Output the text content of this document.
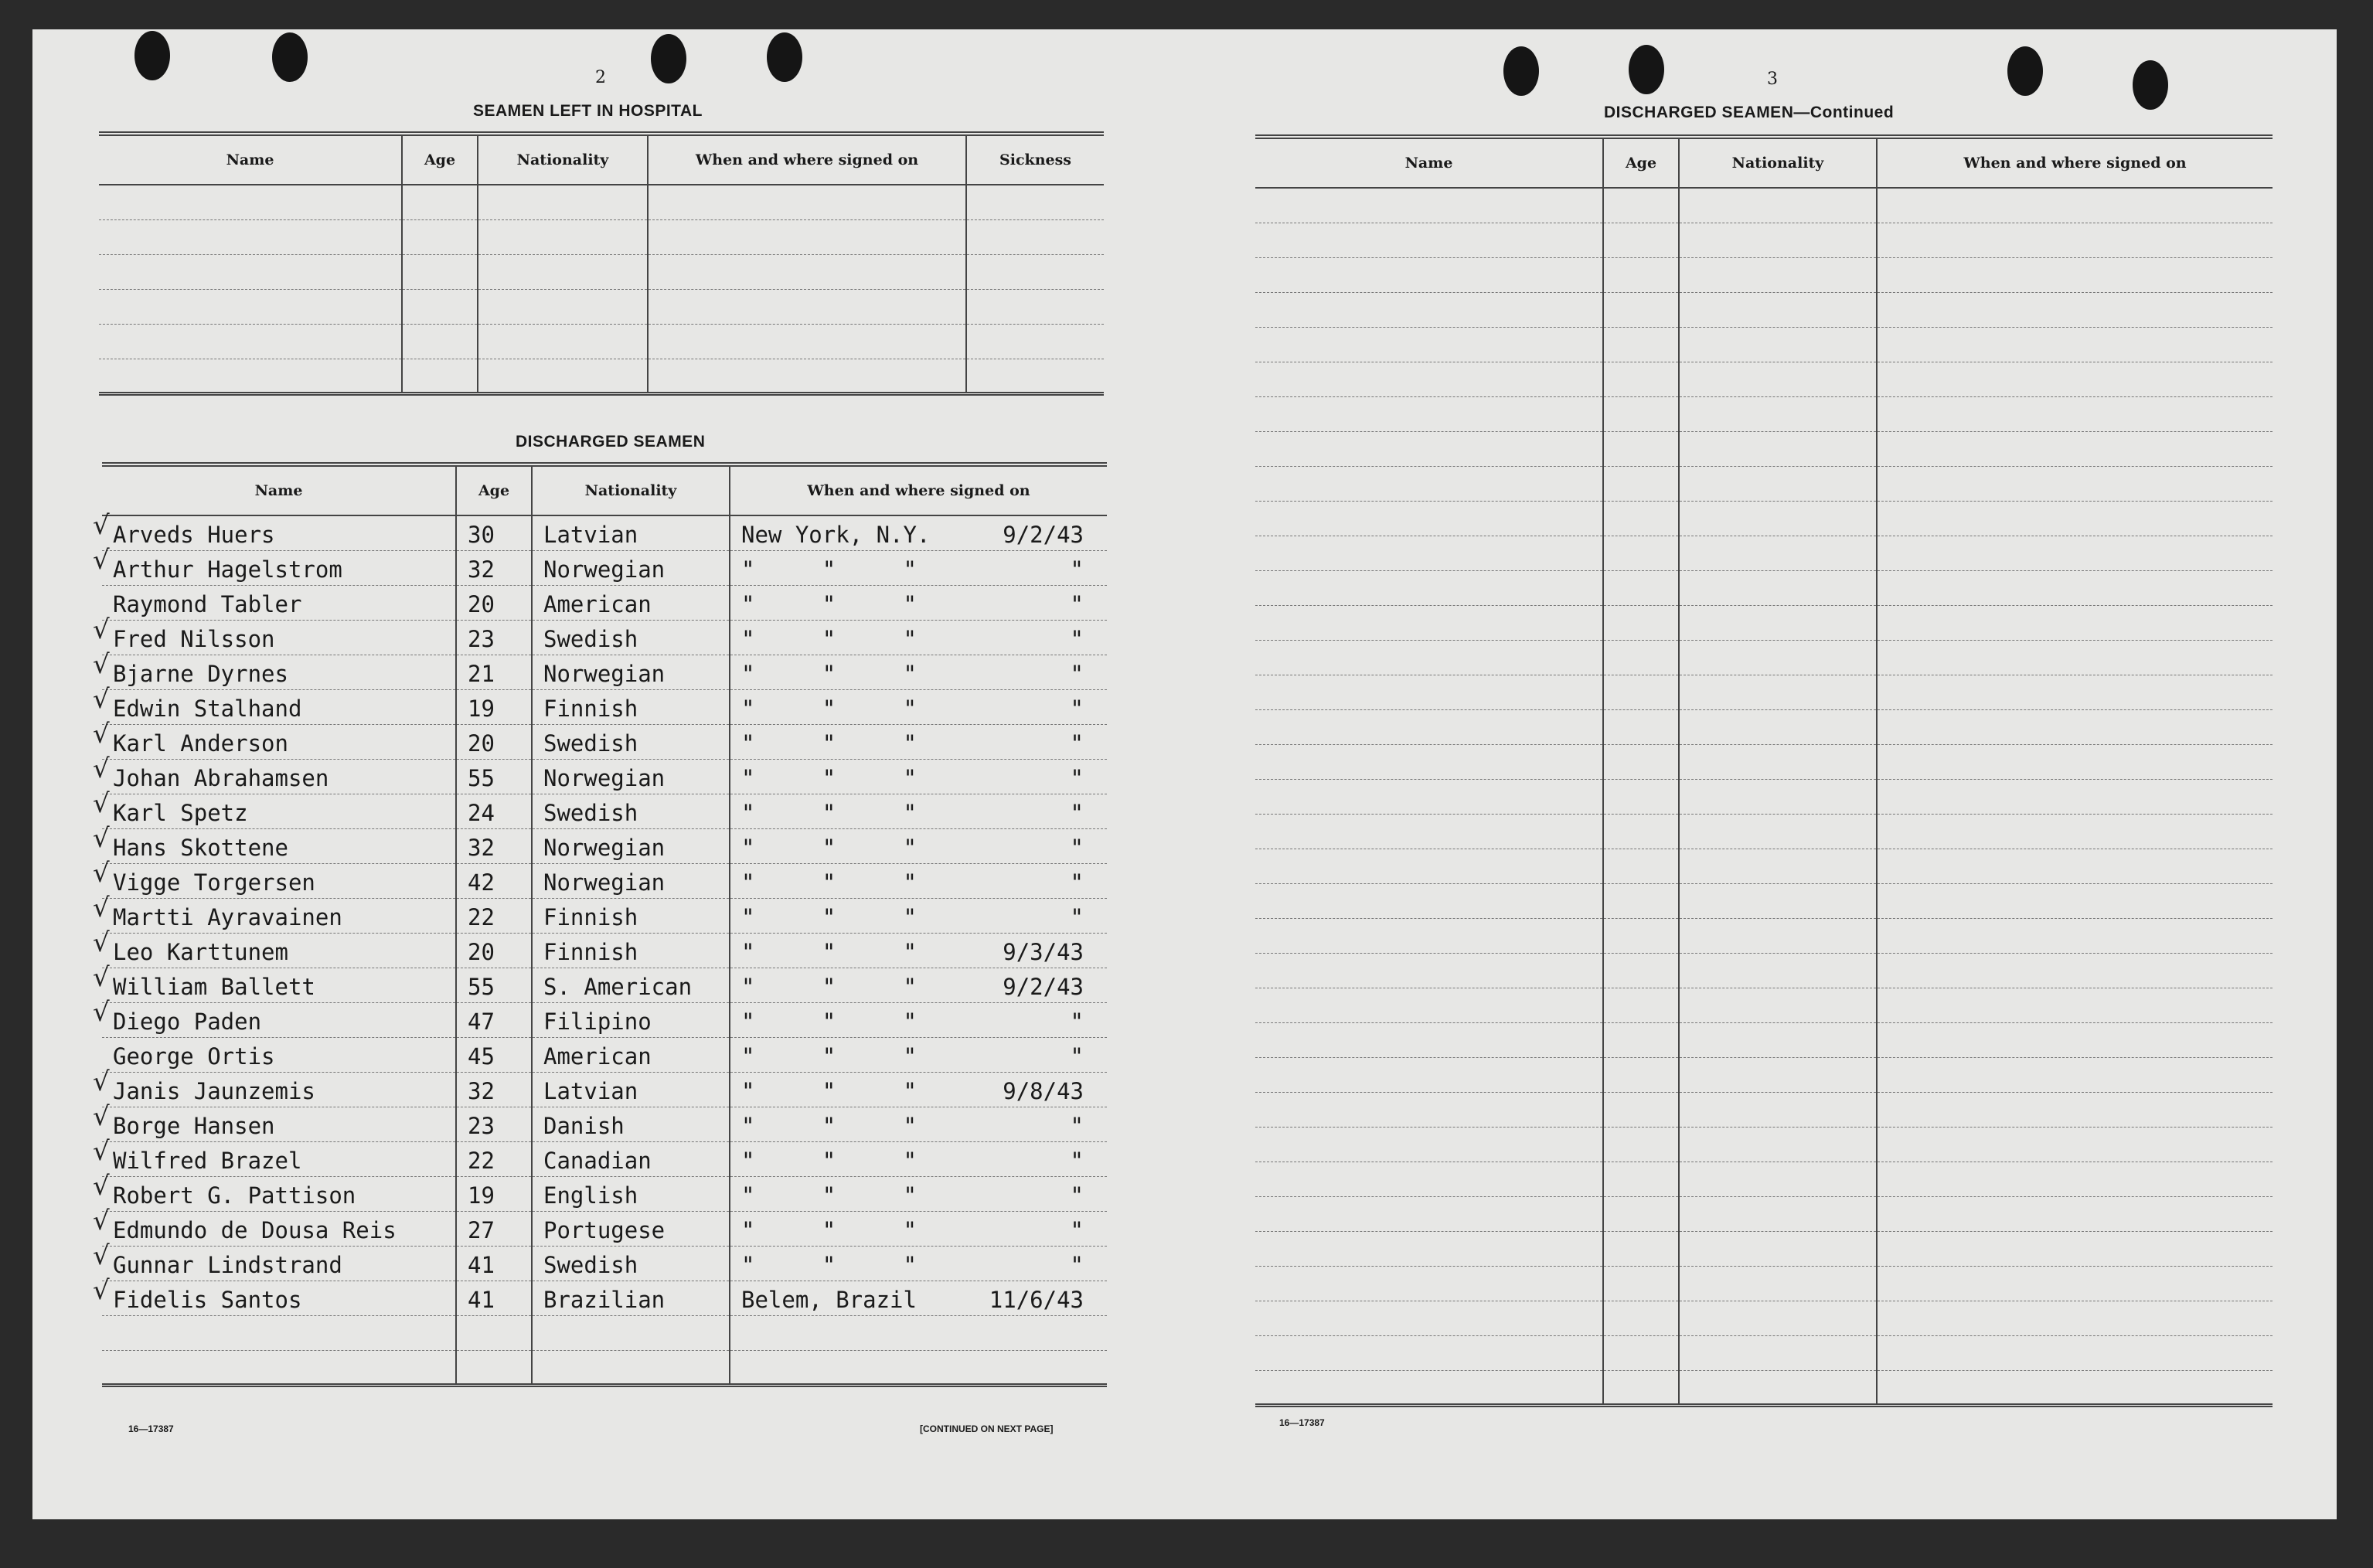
2
SEAMEN LEFT IN HOSPITAL
Name	Age	Nationality	When and where signed on	Sickness

DISCHARGED SEAMEN
Name	Age	Nationality	When and where signed on
Arveds Huers	30	Latvian	New York, N.Y. 9/2/43

Arthur Hagelstrom	32	Norwegian	"     "     " "

Raymond Tabler	20	American	"     "     " "

Fred Nilsson	23	Swedish	"     "     " "

Bjarne Dyrnes	21	Norwegian	"     "     " "

Edwin Stalhand	19	Finnish	"     "     " "

Karl Anderson	20	Swedish	"     "     " "

Johan Abrahamsen	55	Norwegian	"     "     " "

Karl Spetz	24	Swedish	"     "     " "

Hans Skottene	32	Norwegian	"     "     " "

Vigge Torgersen	42	Norwegian	"     "     " "

Martti Ayravainen	22	Finnish	"     "     " "

Leo Karttunem	20	Finnish	"     "     " 9/3/43

William Ballett	55	S. American	"     "     " 9/2/43

Diego Paden	47	Filipino	"     "     " "

George Ortis	45	American	"     "     " "

Janis Jaunzemis	32	Latvian	"     "     " 9/8/43

Borge Hansen	23	Danish	"     "     " "

Wilfred Brazel	22	Canadian	"     "     " "

Robert G. Pattison	19	English	"     "     " "

Edmundo de Dousa Reis	27	Portugese	"     "     " "

Gunnar Lindstrand	41	Swedish	"     "     " "

Fidelis Santos	41	Brazilian	Belem, Brazil 11/6/43

16—17387	[CONTINUED ON NEXT PAGE]
√
√
√
√
√
√
√
√
√
√
√
√
√
√
√
√
√
√
√
√
√
3
DISCHARGED SEAMEN—Continued
Name	Age	Nationality	When and where signed on

16—17387
